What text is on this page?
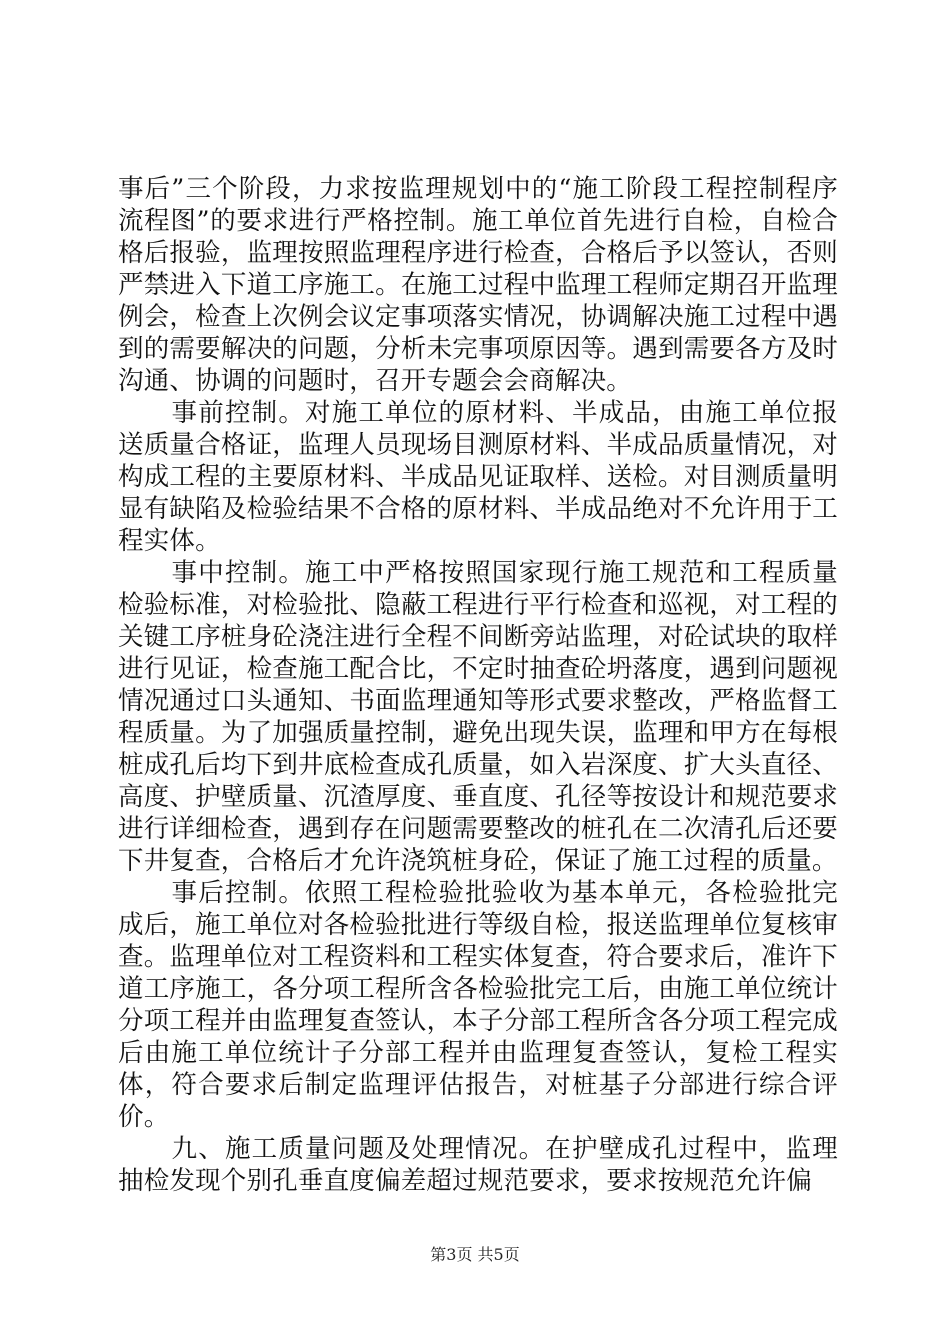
事后”三个阶段，力求按监理规划中的“施工阶段工程控制程序流程图”的要求进行严格控制。施工单位首先进行自检，自检合格后报验，监理按照监理程序进行检查，合格后予以签认，否则严禁进入下道工序施工。在施工过程中监理工程师定期召开监理例会，检查上次例会议定事项落实情况，协调解决施工过程中遇到的需要解决的问题，分析未完事项原因等。遇到需要各方及时沟通、协调的问题时，召开专题会会商解决。

事前控制。对施工单位的原材料、半成品，由施工单位报送质量合格证，监理人员现场目测原材料、半成品质量情况，对构成工程的主要原材料、半成品见证取样、送检。对目测质量明显有缺陷及检验结果不合格的原材料、半成品绝对不允许用于工程实体。

事中控制。施工中严格按照国家现行施工规范和工程质量检验标准，对检验批、隐蔽工程进行平行检查和巡视，对工程的关键工序桩身砼浇注进行全程不间断旁站监理，对砼试块的取样进行见证，检查施工配合比，不定时抽查砼坍落度，遇到问题视情况通过口头通知、书面监理通知等形式要求整改，严格监督工程质量。为了加强质量控制，避免出现失误，监理和甲方在每根桩成孔后均下到井底检查成孔质量，如入岩深度、扩大头直径、高度、护壁质量、沉渣厚度、垂直度、孔径等按设计和规范要求进行详细检查，遇到存在问题需要整改的桩孔在二次清孔后还要下井复查，合格后才允许浇筑桩身砼，保证了施工过程的质量。

事后控制。依照工程检验批验收为基本单元，各检验批完成后，施工单位对各检验批进行等级自检，报送监理单位复核审查。监理单位对工程资料和工程实体复查，符合要求后，准许下道工序施工，各分项工程所含各检验批完工后，由施工单位统计分项工程并由监理复查签认，本子分部工程所含各分项工程完成后由施工单位统计子分部工程并由监理复查签认，复检工程实体，符合要求后制定监理评估报告，对桩基子分部进行综合评价。

九、施工质量问题及处理情况。在护壁成孔过程中，监理抽检发现个别孔垂直度偏差超过规范要求，要求按规范允许偏

第3页 共5页
